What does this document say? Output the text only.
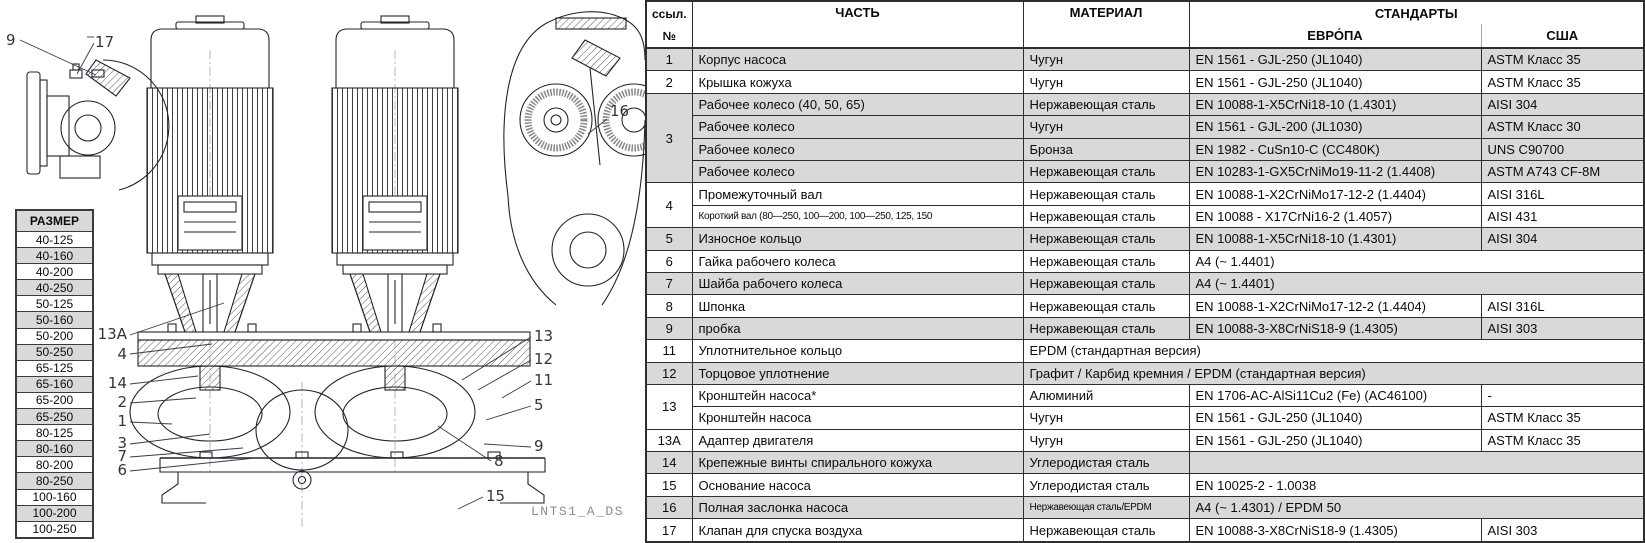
9	17
16
13A
4
14
2
1
3
7
6
13
12
11
5
9
8
15
LNTS1_A_DS
РАЗМЕР
40-125
40-160
40-200
40-250
50-125
50-160
50-200
50-250
65-125
65-160
65-200
65-250
80-125
80-160
80-200
80-250
100-160
100-200
100-250
ссыл.
№	ЧАСТЬ	МАТЕРИАЛ	СТАНДАРТЫ	
			ЕВРО́ПА	США
1	Корпус насоса	Чугун	EN 1561 - GJL-250 (JL1040)	ASTM Класс 35
2	Крышка кожуха	Чугун	EN 1561 - GJL-250 (JL1040)	ASTM Класс 35
3	Рабочее колесо (40, 50, 65)	Нержавеющая сталь	EN 10088-1-X5CrNi18-10 (1.4301)	AISI 304
	Рабочее колесо	Чугун	EN 1561 - GJL-200 (JL1030)	ASTM Класс 30
	Рабочее колесо	Бронза	EN 1982 - CuSn10-C (CC480K)	UNS C90700
	Рабочее колесо	Нержавеющая сталь	EN 10283-1-GX5CrNiMo19-11-2 (1.4408)	ASTM A743 CF-8M
4	Промежуточный вал	Нержавеющая сталь	EN 10088-1-X2CrNiMo17-12-2 (1.4404)	AISI 316L
	Короткий вал (80—250, 100—200, 100—250, 125, 150	Нержавеющая сталь	EN 10088 - X17CrNi16-2 (1.4057)	AISI 431
5	Износное кольцо	Нержавеющая сталь	EN 10088-1-X5CrNi18-10 (1.4301)	AISI 304
6	Гайка рабочего колеса	Нержавеющая сталь	A4 (~ 1.4401)	
7	Шайба рабочего колеса	Нержавеющая сталь	A4 (~ 1.4401)	
8	Шпонка	Нержавеющая сталь	EN 10088-1-X2CrNiMo17-12-2 (1.4404)	AISI 316L
9	пробка	Нержавеющая сталь	EN 10088-3-X8CrNiS18-9 (1.4305)	AISI 303
11	Уплотнительное кольцо	EPDM (стандартная версия)		
12	Торцовое уплотнение	Графит / Карбид кремния / EPDM (стандартная версия)		
13	Кронштейн насоса*	Алюминий	EN 1706-AC-AlSi11Cu2 (Fe) (AC46100)	-
	Кронштейн насоса	Чугун	EN 1561 - GJL-250 (JL1040)	ASTM Класс 35
13A	Адаптер двигателя	Чугун	EN 1561 - GJL-250 (JL1040)	ASTM Класс 35
14	Крепежные винты спирального кожуха	Углеродистая сталь		
15	Основание насоса	Углеродистая сталь	EN 10025-2 - 1.0038	
16	Полная заслонка насоса	Нержавеющая сталь/EPDM	A4 (~ 1.4301) / EPDM 50	
17	Клапан для спуска воздуха	Нержавеющая сталь	EN 10088-3-X8CrNiS18-9 (1.4305)	AISI 303
